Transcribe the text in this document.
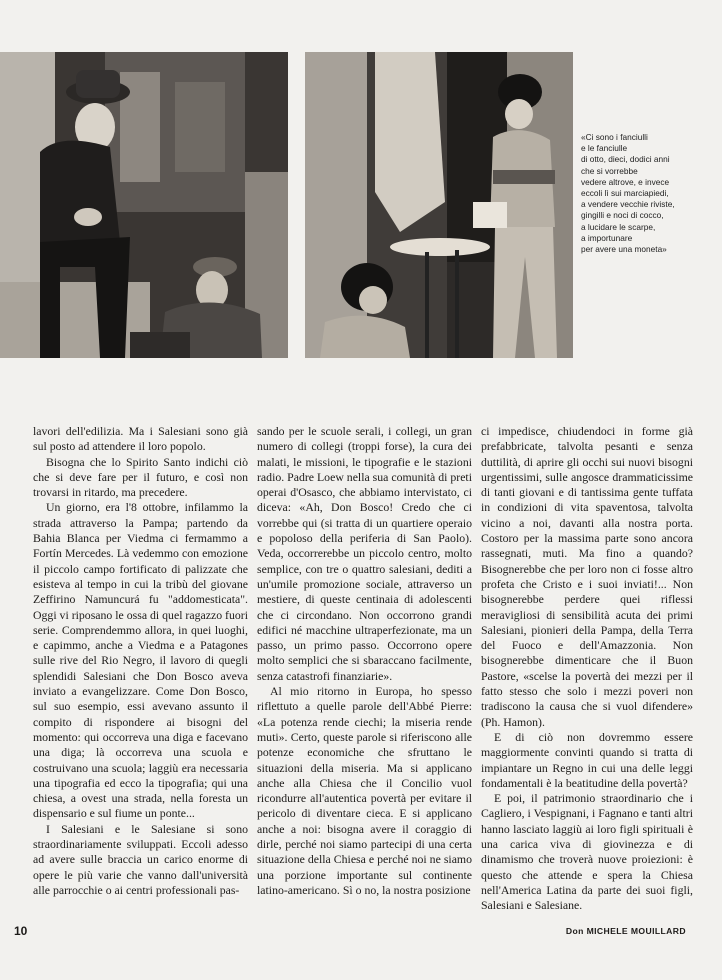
«Ci sono i fanciulli
e le fanciulle
di otto, dieci, dodici anni
che si vorrebbe
vedere altrove, e invece
eccoli lì sui marciapiedi,
a vendere vecchie riviste,
gingilli e noci di cocco,
a lucidare le scarpe,
a importunare
per avere una moneta»

lavori dell'edilizia. Ma i Salesiani sono già sul posto ad attendere il loro popolo.

Bisogna che lo Spirito Santo indichi ciò che si deve fare per il futuro, e così non trovarsi in ritardo, ma precedere.

Un giorno, era l'8 ottobre, infilammo la strada attraverso la Pampa; partendo da Bahia Blanca per Viedma ci fermammo a Fortín Mercedes. Là vedemmo con emozione il piccolo campo fortificato di palizzate che esisteva al tempo in cui la tribù del giovane Zeffirino Namuncurá fu "addomesticata". Oggi vi riposano le ossa di quel ragazzo fuori serie. Comprendemmo allora, in quei luoghi, e capimmo, anche a Viedma e a Patagones sulle rive del Rio Negro, il lavoro di quegli splendidi Salesiani che Don Bosco aveva inviato a evangelizzare. Come Don Bosco, sul suo esempio, essi avevano assunto il compito di rispondere ai bisogni del momento: qui occorreva una diga e facevano una diga; là occorreva una scuola e costruivano una scuola; laggiù era necessaria una tipografia ed ecco la tipografia; qui una chiesa, a ovest una strada, nella foresta un dispensario e sul fiume un ponte...

I Salesiani e le Salesiane si sono straordinariamente sviluppati. Eccoli adesso ad avere sulle braccia un carico enorme di opere le più varie che vanno dall'università alle parrocchie o ai centri professionali pas-

sando per le scuole serali, i collegi, un gran numero di collegi (troppi forse), la cura dei malati, le missioni, le tipografie e le stazioni radio. Padre Loew nella sua comunità di preti operai d'Osasco, che abbiamo intervistato, ci diceva: «Ah, Don Bosco! Credo che ci vorrebbe qui (si tratta di un quartiere operaio e popoloso della periferia di San Paolo). Veda, occorrerebbe un piccolo centro, molto semplice, con tre o quattro salesiani, dediti a un'umile promozione sociale, attraverso un mestiere, di queste centinaia di adolescenti che ci circondano. Non occorrono grandi edifici né macchine ultraperfezionate, ma un passo, un primo passo. Occorrono opere molto semplici che si sbaraccano facilmente, senza catastrofi finanziarie».

Al mio ritorno in Europa, ho spesso riflettuto a quelle parole dell'Abbé Pierre: «La potenza rende ciechi; la miseria rende muti». Certo, queste parole si riferiscono alle potenze economiche che sfruttano le situazioni della miseria. Ma si applicano anche alla Chiesa che il Concilio vuol ricondurre all'autentica povertà per evitare il pericolo di diventare cieca. E si applicano anche a noi: bisogna avere il coraggio di dirle, perché noi siamo partecipi di una certa situazione della Chiesa e perché noi ne siamo una porzione importante sul continente latino-americano. Sì o no, la nostra posizione

ci impedisce, chiudendoci in forme già prefabbricate, talvolta pesanti e senza duttilità, di aprire gli occhi sui nuovi bisogni urgentissimi, sulle angosce drammaticissime di tanti giovani e di tantissima gente tuffata in condizioni di vita spaventosa, talvolta vicino a noi, davanti alla nostra porta. Costoro per la massima parte sono ancora rassegnati, muti. Ma fino a quando? Bisognerebbe che per loro non ci fosse altro profeta che Cristo e i suoi inviati!... Non bisognerebbe perdere quei riflessi meravigliosi di sensibilità acuta dei primi Salesiani, pionieri della Pampa, della Terra del Fuoco e dell'Amazzonia. Non bisognerebbe dimenticare che il Buon Pastore, «scelse la povertà dei mezzi per il fatto stesso che solo i mezzi poveri non tradiscono la causa che si vuol difendere» (Ph. Hamon).

E di ciò non dovremmo essere maggiormente convinti quando si tratta di impiantare un Regno in cui una delle leggi fondamentali è la beatitudine della povertà?

E poi, il patrimonio straordinario che i Cagliero, i Vespignani, i Fagnano e tanti altri hanno lasciato laggiù ai loro figli spirituali è una carica viva di giovinezza e di dinamismo che troverà nuove proiezioni: è questo che attende e spera la Chiesa nell'America Latina da parte dei suoi figli, Salesiani e Salesiane.

10	Don MICHELE MOUILLARD
